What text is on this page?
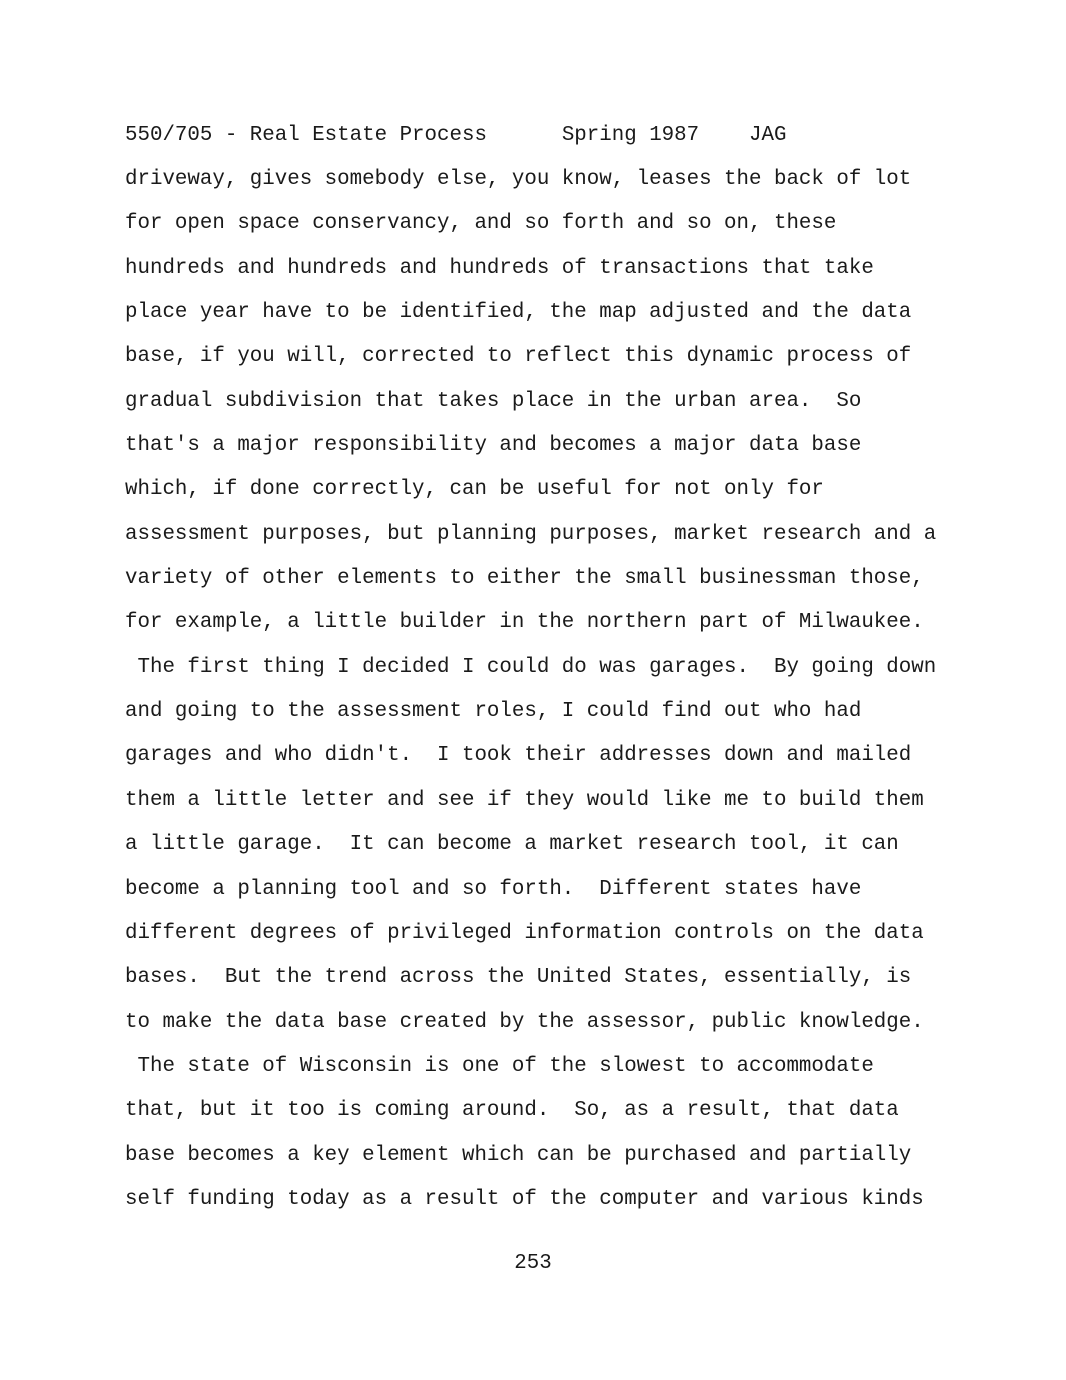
550/705 - Real Estate Process	Spring 1987 JAG
driveway, gives somebody else, you know, leases the back of lot
for open space conservancy, and so forth and so on, these
hundreds and hundreds and hundreds of transactions that take
place year have to be identified, the map adjusted and the data
base, if you will, corrected to reflect this dynamic process of
gradual subdivision that takes place in the urban area.  So
that's a major responsibility and becomes a major data base
which, if done correctly, can be useful for not only for
assessment purposes, but planning purposes, market research and a
variety of other elements to either the small businessman those,
for example, a little builder in the northern part of Milwaukee.
The first thing I decided I could do was garages.  By going down
and going to the assessment roles, I could find out who had
garages and who didn't.  I took their addresses down and mailed
them a little letter and see if they would like me to build them
a little garage.  It can become a market research tool, it can
become a planning tool and so forth.  Different states have
different degrees of privileged information controls on the data
bases.  But the trend across the United States, essentially, is
to make the data base created by the assessor, public knowledge.
The state of Wisconsin is one of the slowest to accommodate
that, but it too is coming around.  So, as a result, that data
base becomes a key element which can be purchased and partially
self funding today as a result of the computer and various kinds
253
